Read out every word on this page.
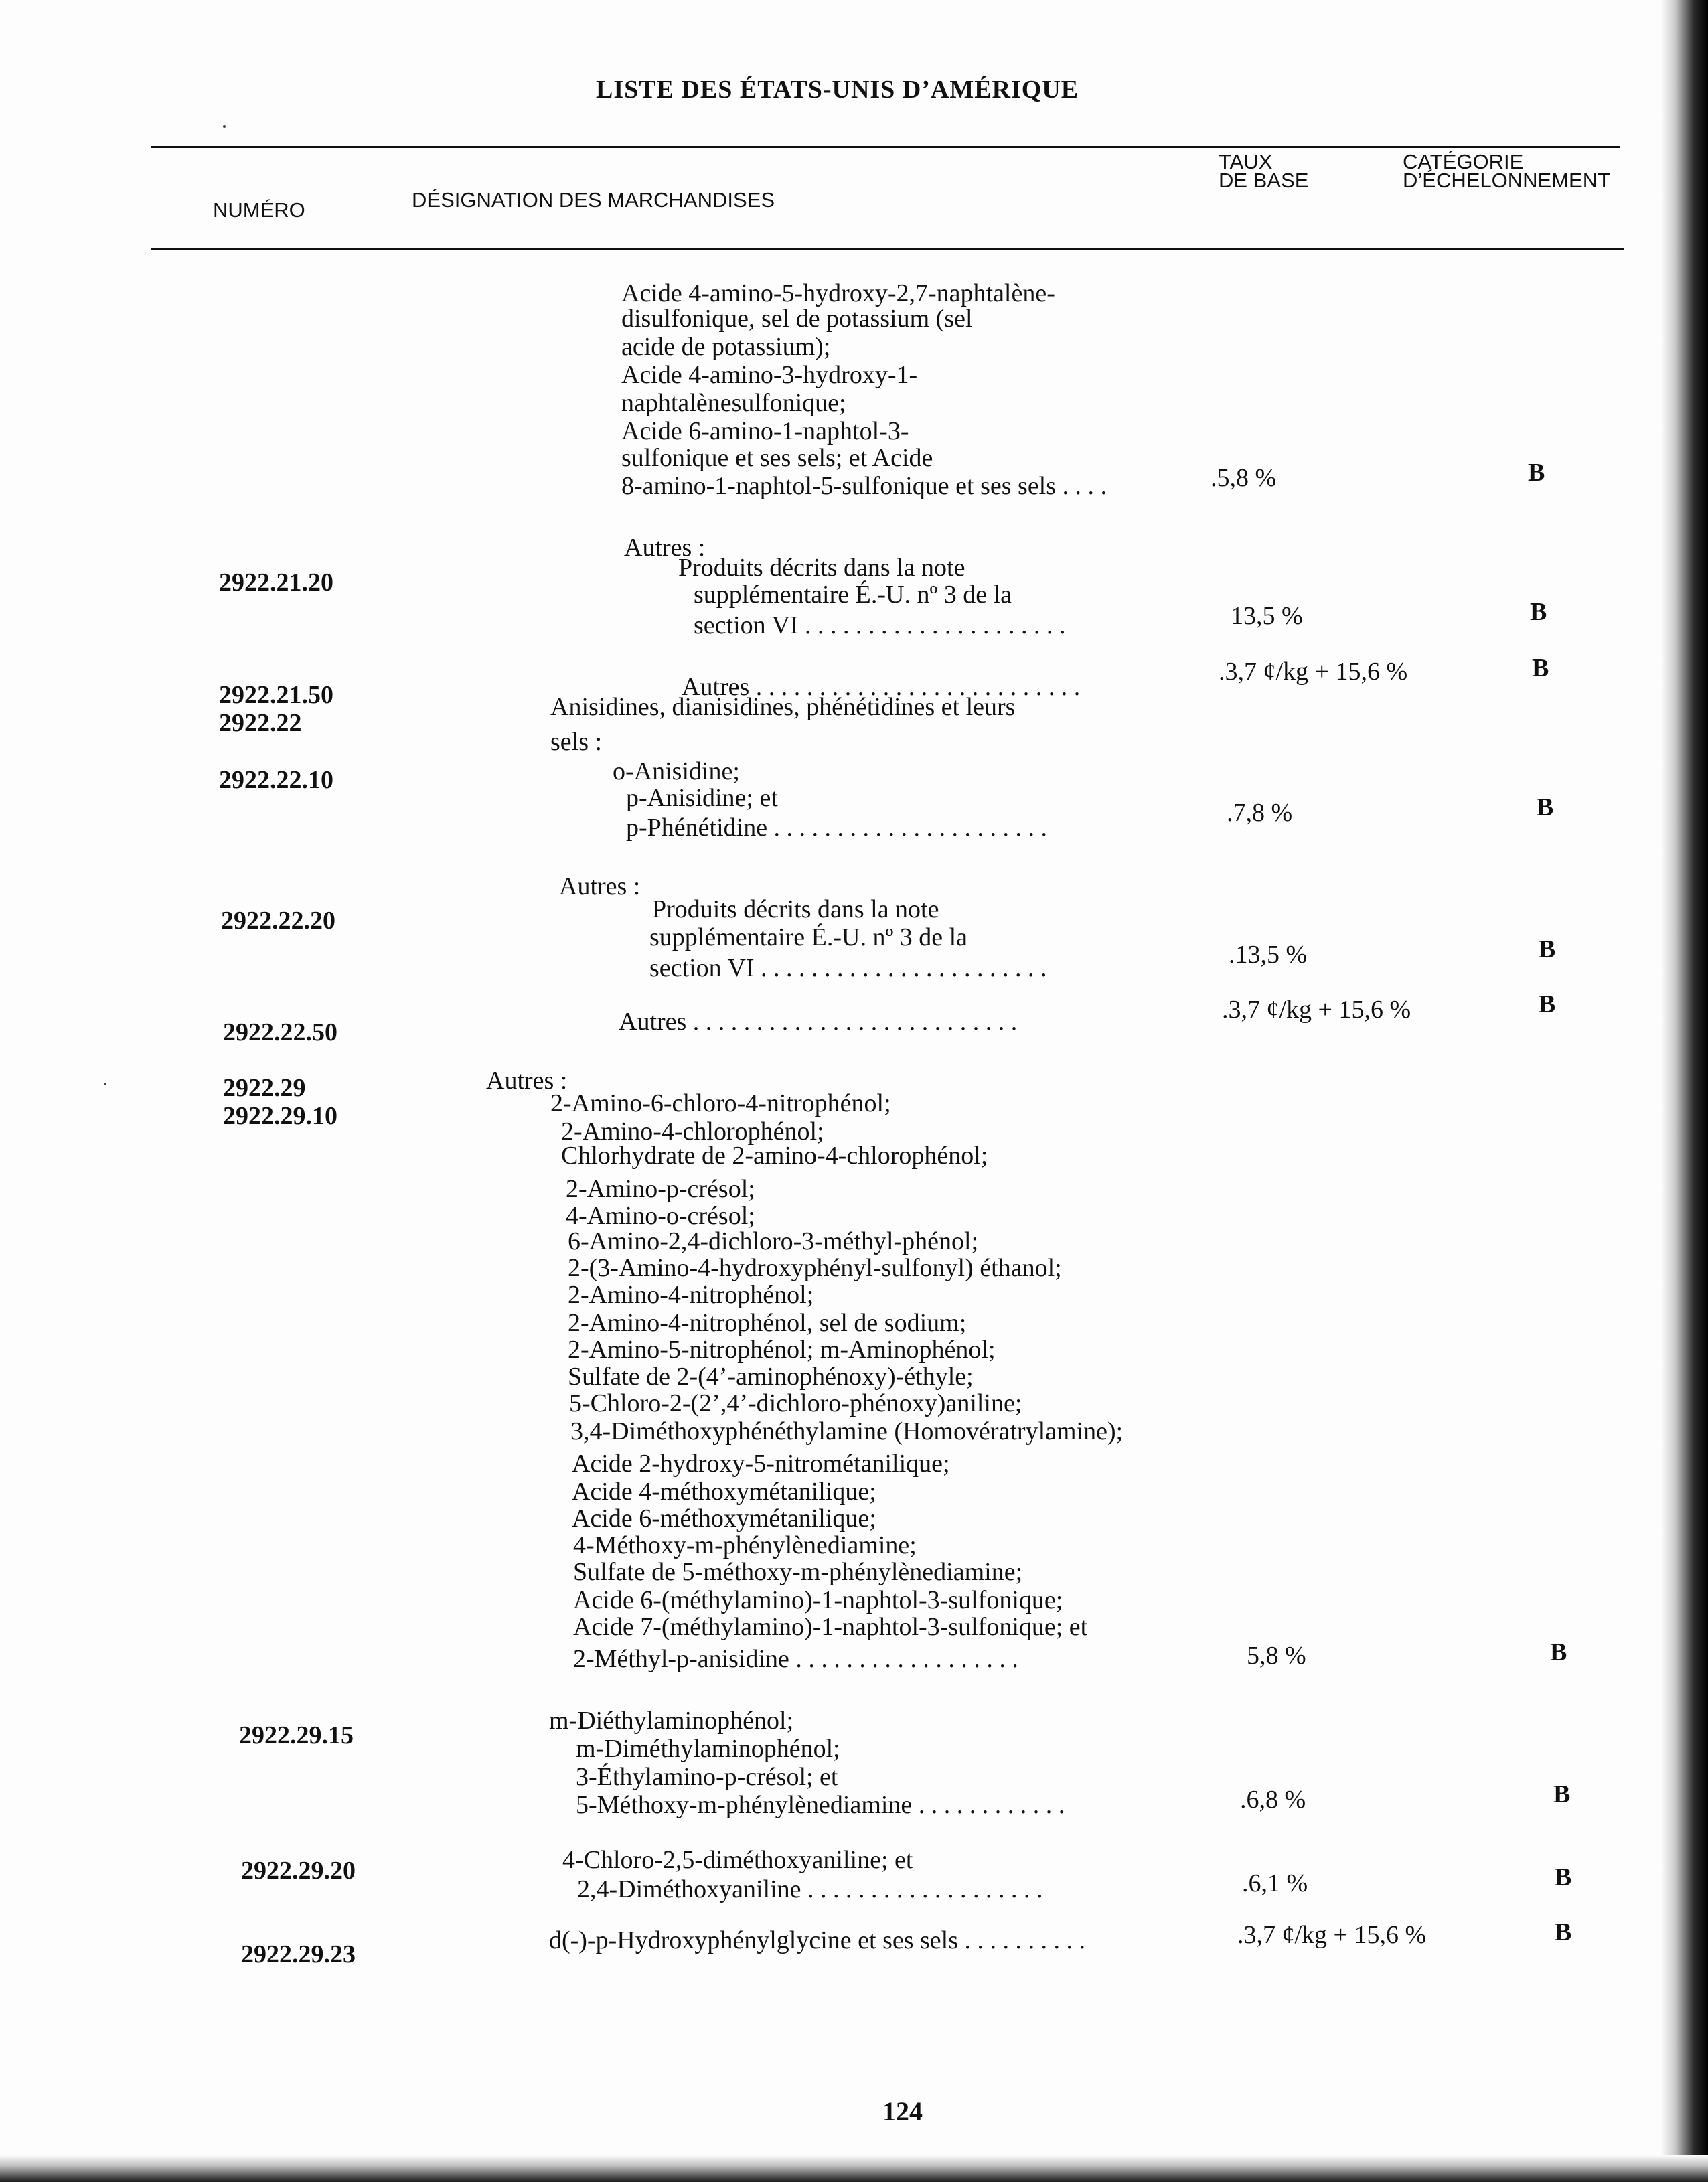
LISTE DES ÉTATS-UNIS D’AMÉRIQUE
NUMÉRO	DÉSIGNATION DES MARCHANDISES
TAUX
DE BASE
CATÉGORIE
D’ÉCHELONNEMENT
2922.21.20
2922.21.50
2922.22
2922.22.10
2922.22.20
2922.22.50
2922.29
2922.29.10
2922.29.15
2922.29.20
2922.29.23
Acide 4-amino-5-hydroxy-2,7-naphtalène-
disulfonique, sel de potassium (sel
acide de potassium);
Acide 4-amino-3-hydroxy-1-
naphtalènesulfonique;
Acide 6-amino-1-naphtol-3-
sulfonique et ses sels; et Acide
8-amino-1-naphtol-5-sulfonique et ses sels . . . .
Autres :
Produits décrits dans la note
supplémentaire É.-U. nº 3 de la
section VI . . . . . . . . . . . . . . . . . . . . .
Autres . . . . . . . . . . . . . . . . . . . . . . . . . .
Anisidines, dianisidines, phénétidines et leurs
sels :
o-Anisidine;
p-Anisidine; et
p-Phénétidine . . . . . . . . . . . . . . . . . . . . . .
Autres :
Produits décrits dans la note
supplémentaire É.-U. nº 3 de la
section VI . . . . . . . . . . . . . . . . . . . . . . .
Autres . . . . . . . . . . . . . . . . . . . . . . . . . .
Autres :
2-Amino-6-chloro-4-nitrophénol;
2-Amino-4-chlorophénol;
Chlorhydrate de 2-amino-4-chlorophénol;
2-Amino-p-crésol;
4-Amino-o-crésol;
6-Amino-2,4-dichloro-3-méthyl-phénol;
2-(3-Amino-4-hydroxyphényl-sulfonyl) éthanol;
2-Amino-4-nitrophénol;
2-Amino-4-nitrophénol, sel de sodium;
2-Amino-5-nitrophénol; m-Aminophénol;
Sulfate de 2-(4’-aminophénoxy)-éthyle;
5-Chloro-2-(2’,4’-dichloro-phénoxy)aniline;
3,4-Diméthoxyphénéthylamine (Homovératrylamine);
Acide 2-hydroxy-5-nitrométanilique;
Acide 4-méthoxymétanilique;
Acide 6-méthoxymétanilique;
4-Méthoxy-m-phénylènediamine;
Sulfate de 5-méthoxy-m-phénylènediamine;
Acide 6-(méthylamino)-1-naphtol-3-sulfonique;
Acide 7-(méthylamino)-1-naphtol-3-sulfonique; et
2-Méthyl-p-anisidine . . . . . . . . . . . . . . . . . .
m-Diéthylaminophénol;
m-Diméthylaminophénol;
3-Éthylamino-p-crésol; et
5-Méthoxy-m-phénylènediamine . . . . . . . . . . . .
4-Chloro-2,5-diméthoxyaniline; et
2,4-Diméthoxyaniline . . . . . . . . . . . . . . . . . . .
d(-)-p-Hydroxyphénylglycine et ses sels . . . . . . . . . .
.5,8 %
13,5 %
.3,7 ¢/kg + 15,6 %
.7,8 %
.13,5 %
.3,7 ¢/kg + 15,6 %
5,8 %
.6,8 %
.6,1 %
.3,7 ¢/kg + 15,6 %
B
B
B
B
B
B
B
B
B
B
124
